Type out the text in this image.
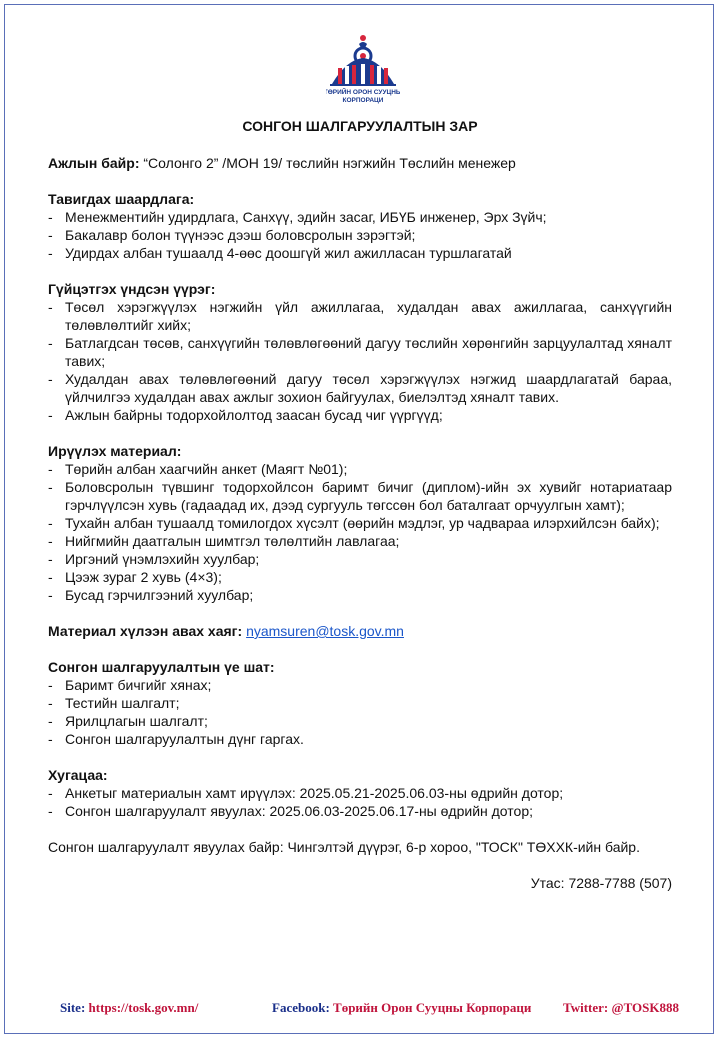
ТӨРИЙН ОРОН СУУЦНЫ
КОРПОРАЦИ
СОНГОН ШАЛГАРУУЛАЛТЫН ЗАР
Ажлын байр: “Солонго 2” /МОН 19/ төслийн нэгжийн Төслийн менежер
Тавигдах шаардлага:
- Менежментийн удирдлага, Санхүү, эдийн засаг, ИБҮБ инженер, Эрх Зүйч;
- Бакалавр болон түүнээс дээш боловсролын зэрэгтэй;
- Удирдах албан тушаалд 4-өөс доошгүй жил ажилласан туршлагатай
Гүйцэтгэх үндсэн үүрэг:
- Төсөл хэрэгжүүлэх нэгжийн үйл ажиллагаа, худалдан авах ажиллагаа, санхүүгийн төлөвлөлтийг хийх;
- Батлагдсан төсөв, санхүүгийн төлөвлөгөөний дагуу төслийн хөрөнгийн зарцуулалтад хяналт тавих;
- Худалдан авах төлөвлөгөөний дагуу төсөл хэрэгжүүлэх нэгжид шаардлагатай бараа, үйлчилгээ худалдан авах ажлыг зохион байгуулах, биелэлтэд хяналт тавих.
- Ажлын байрны тодорхойлолтод заасан бусад чиг үүргүүд;
Ирүүлэх материал:
- Төрийн албан хаагчийн анкет (Маягт №01);
- Боловсролын түвшинг тодорхойлсон баримт бичиг (диплом)-ийн эх хувийг нотариатаар гэрчлүүлсэн хувь (гадаадад их, дээд сургууль төгссөн бол баталгаат орчуулгын хамт);
- Тухайн албан тушаалд томилогдох хүсэлт (өөрийн мэдлэг, ур чадвараа илэрхийлсэн байх);
- Нийгмийн даатгалын шимтгэл төлөлтийн лавлагаа;
- Иргэний үнэмлэхийн хуулбар;
- Цээж зураг 2 хувь (4×3);
- Бусад гэрчилгээний хуулбар;
Материал хүлээн авах хаяг: nyamsuren@tosk.gov.mn
Сонгон шалгаруулалтын үе шат:
- Баримт бичгийг хянах;
- Тестийн шалгалт;
- Ярилцлагын шалгалт;
- Сонгон шалгаруулалтын дүнг гаргах.
Хугацаа:
- Анкетыг материалын хамт ирүүлэх: 2025.05.21-2025.06.03-ны өдрийн дотор;
- Сонгон шалгаруулалт явуулах: 2025.06.03-2025.06.17-ны өдрийн дотор;
Сонгон шалгаруулалт явуулах байр: Чингэлтэй дүүрэг, 6-р хороо, "ТОСК" ТӨХХК-ийн байр.
Утас: 7288-7788 (507)
Site: https://tosk.gov.mn/	Facebook: Төрийн Орон Сууцны Корпораци Twitter: @TOSK888
